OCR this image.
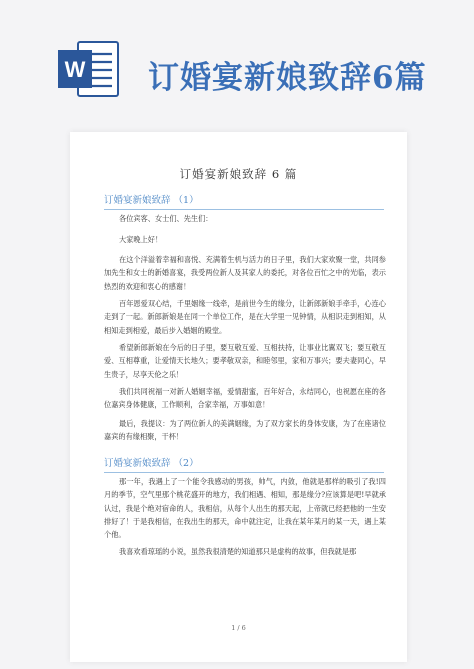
W 订婚宴新娘致辞6篇
订婚宴新娘致辞 6 篇
订婚宴新娘致辞 （1）
各位宾客、女士们、先生们：
大家晚上好！
在这个洋溢着幸福和喜悦、充满着生机与活力的日子里，我们大家欢聚一堂，共同参加先生和女士的新婚喜宴，我受两位新人及其家人的委托，对各位百忙之中的光临，表示热烈的欢迎和衷心的感谢！
百年恩爱双心结，千里姻缘一线牵，是前世今生的缘分，让新郎新娘手牵手，心连心走到了一起。新郎新娘是在同一个单位工作，是在大学里一见钟情，从相识走到相知，从相知走到相爱，最后步入婚姻的殿堂。
希望新郎新娘在今后的日子里，要互敬互爱、互相扶持，让事业比翼双飞；要互敬互爱、互相尊重，让爱情天长地久；要孝敬双亲，和睦邻里，家和万事兴；要夫妻同心，早生贵子，尽享天伦之乐！
我们共同祝福一对新人婚姻幸福，爱情甜蜜，百年好合，永结同心，也祝愿在座的各位嘉宾身体健康，工作顺利，合家幸福，万事如意！
最后，我提议：为了两位新人的美满姻缘，为了双方家长的身体安康，为了在座诸位嘉宾的有缘相聚，干杯！
订婚宴新娘致辞 （2）
那一年，我遇上了一个能令我感动的男孩，帅气，内敛，他就是那样的吸引了我!四月的季节，空气里那个桃花盛开的地方，我们相遇、相知，那是缘分?应该算是吧!早就承认过，我是个绝对宿命的人，我相信，从每个人出生的那天起，上帝就已经把他的一生安排好了！于是我相信，在我出生的那天，命中就注定，让我在某年某月的某一天，遇上某个他。
我喜欢看琼瑶的小说，虽然我很清楚的知道那只是虚构的故事，但我就是那
1 / 6
